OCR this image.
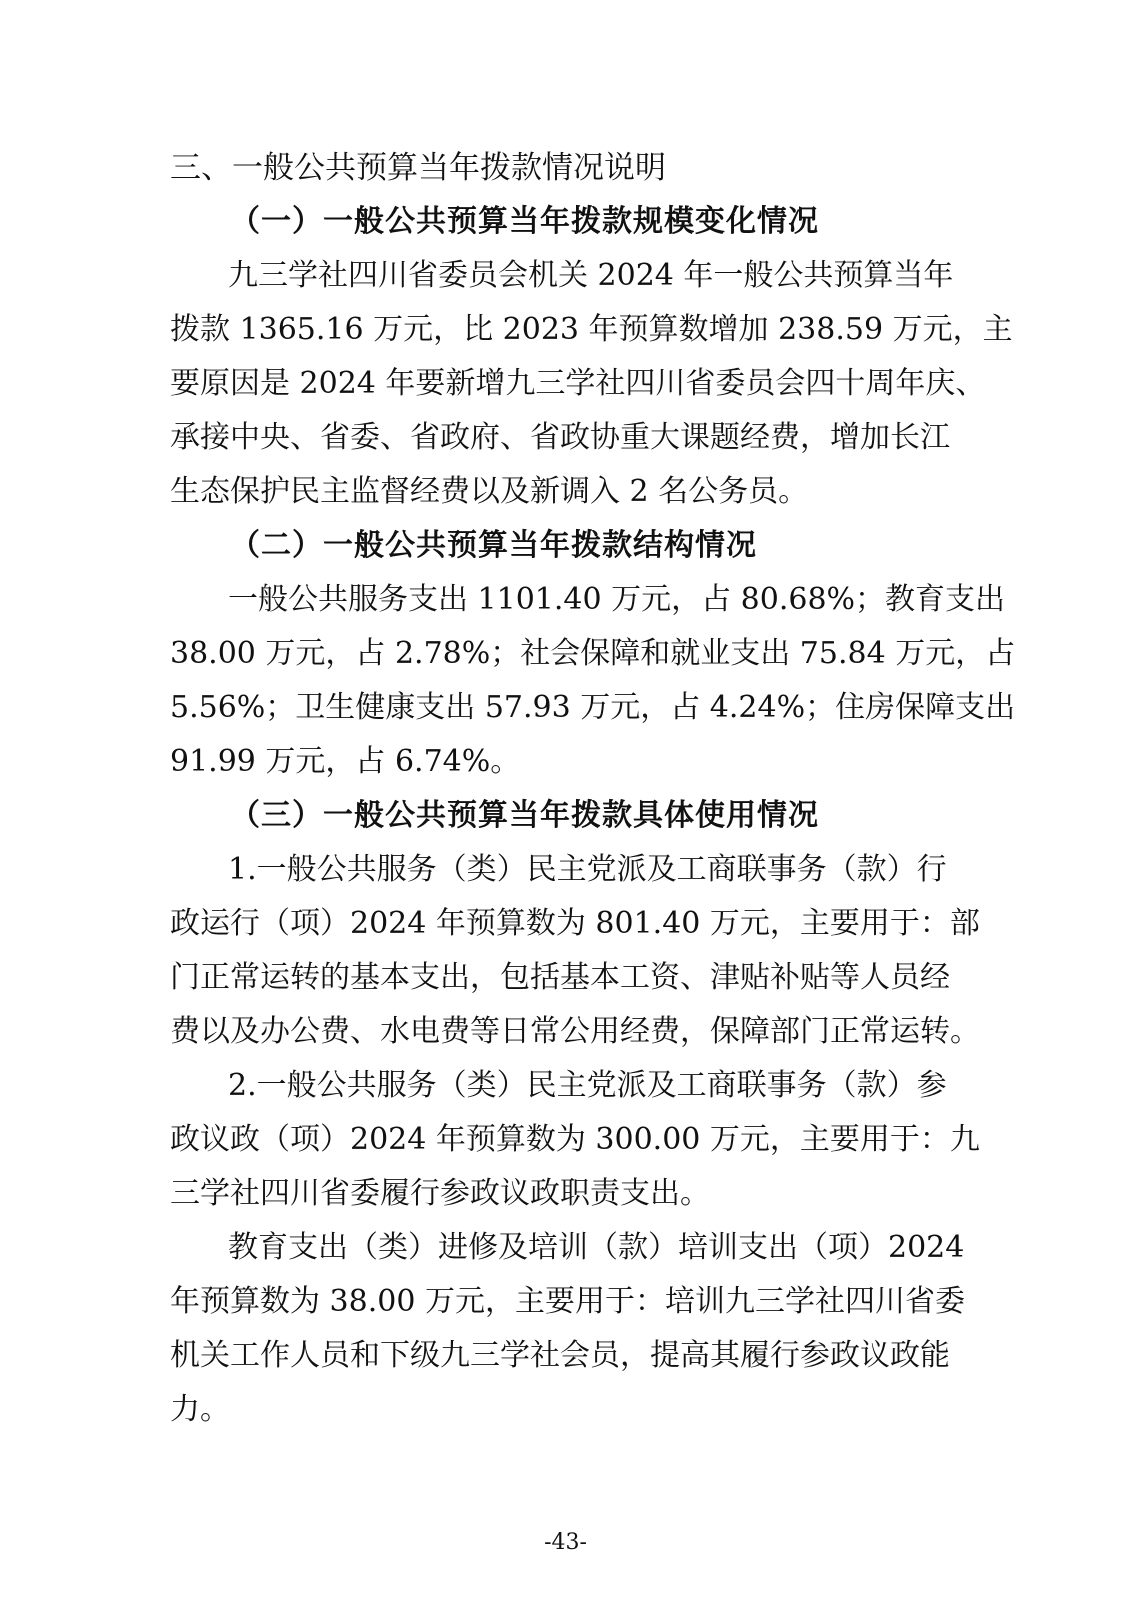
三、一般公共预算当年拨款情况说明
（一）一般公共预算当年拨款规模变化情况
九三学社四川省委员会机关 2024 年一般公共预算当年
拨款 1365.16 万元，比 2023 年预算数增加 238.59 万元，主
要原因是 2024 年要新增九三学社四川省委员会四十周年庆、
承接中央、省委、省政府、省政协重大课题经费，增加长江
生态保护民主监督经费以及新调入 2 名公务员。
（二）一般公共预算当年拨款结构情况
一般公共服务支出 1101.40 万元，占 80.68%；教育支出
38.00 万元，占 2.78%；社会保障和就业支出 75.84 万元，占
5.56%；卫生健康支出 57.93 万元，占 4.24%；住房保障支出
91.99 万元，占 6.74%。
（三）一般公共预算当年拨款具体使用情况
1.一般公共服务（类）民主党派及工商联事务（款）行
政运行（项）2024 年预算数为 801.40 万元，主要用于：部
门正常运转的基本支出，包括基本工资、津贴补贴等人员经
费以及办公费、水电费等日常公用经费，保障部门正常运转。
2.一般公共服务（类）民主党派及工商联事务（款）参
政议政（项）2024 年预算数为 300.00 万元，主要用于：九
三学社四川省委履行参政议政职责支出。
教育支出（类）进修及培训（款）培训支出（项）2024
年预算数为 38.00 万元，主要用于：培训九三学社四川省委
机关工作人员和下级九三学社会员，提高其履行参政议政能
力。
-43-
